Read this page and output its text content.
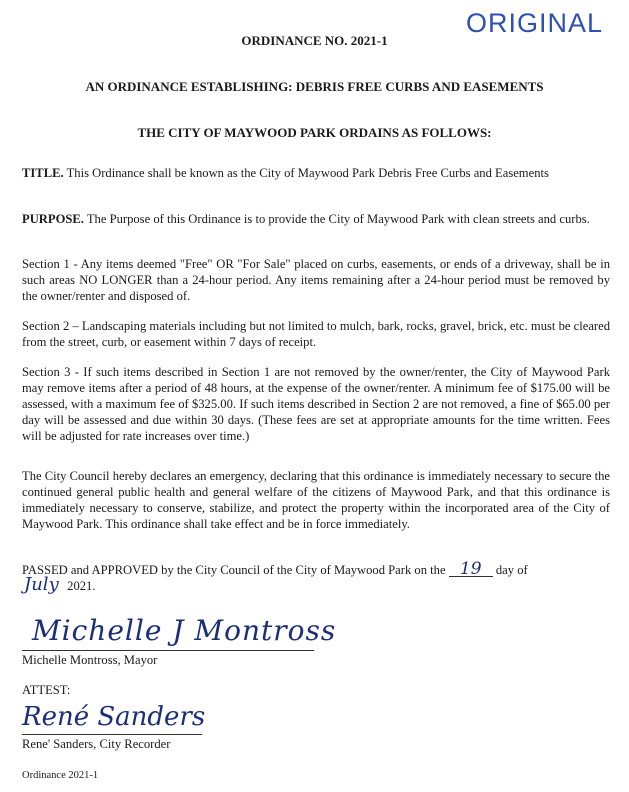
ORIGINAL
ORDINANCE NO. 2021-1
AN ORDINANCE ESTABLISHING: DEBRIS FREE CURBS AND EASEMENTS
THE CITY OF MAYWOOD PARK ORDAINS AS FOLLOWS:
TITLE. This Ordinance shall be known as the City of Maywood Park Debris Free Curbs and Easements
PURPOSE. The Purpose of this Ordinance is to provide the City of Maywood Park with clean streets and curbs.
Section 1 - Any items deemed "Free" OR "For Sale" placed on curbs, easements, or ends of a driveway, shall be in such areas NO LONGER than a 24-hour period. Any items remaining after a 24-hour period must be removed by the owner/renter and disposed of.
Section 2 – Landscaping materials including but not limited to mulch, bark, rocks, gravel, brick, etc. must be cleared from the street, curb, or easement within 7 days of receipt.
Section 3 - If such items described in Section 1 are not removed by the owner/renter, the City of Maywood Park may remove items after a period of 48 hours, at the expense of the owner/renter. A minimum fee of $175.00 will be assessed, with a maximum fee of $325.00. If such items described in Section 2 are not removed, a fine of $65.00 per day will be assessed and due within 30 days. (These fees are set at appropriate amounts for the time written. Fees will be adjusted for rate increases over time.)
The City Council hereby declares an emergency, declaring that this ordinance is immediately necessary to secure the continued general public health and general welfare of the citizens of Maywood Park, and that this ordinance is immediately necessary to conserve, stabilize, and protect the property within the incorporated area of the City of Maywood Park. This ordinance shall take effect and be in force immediately.
PASSED and APPROVED by the City Council of the City of Maywood Park on the 19 day of
July 2021.
Michelle J Montross
Michelle Montross, Mayor
ATTEST:
René Sanders
Rene' Sanders, City Recorder
Ordinance 2021-1
